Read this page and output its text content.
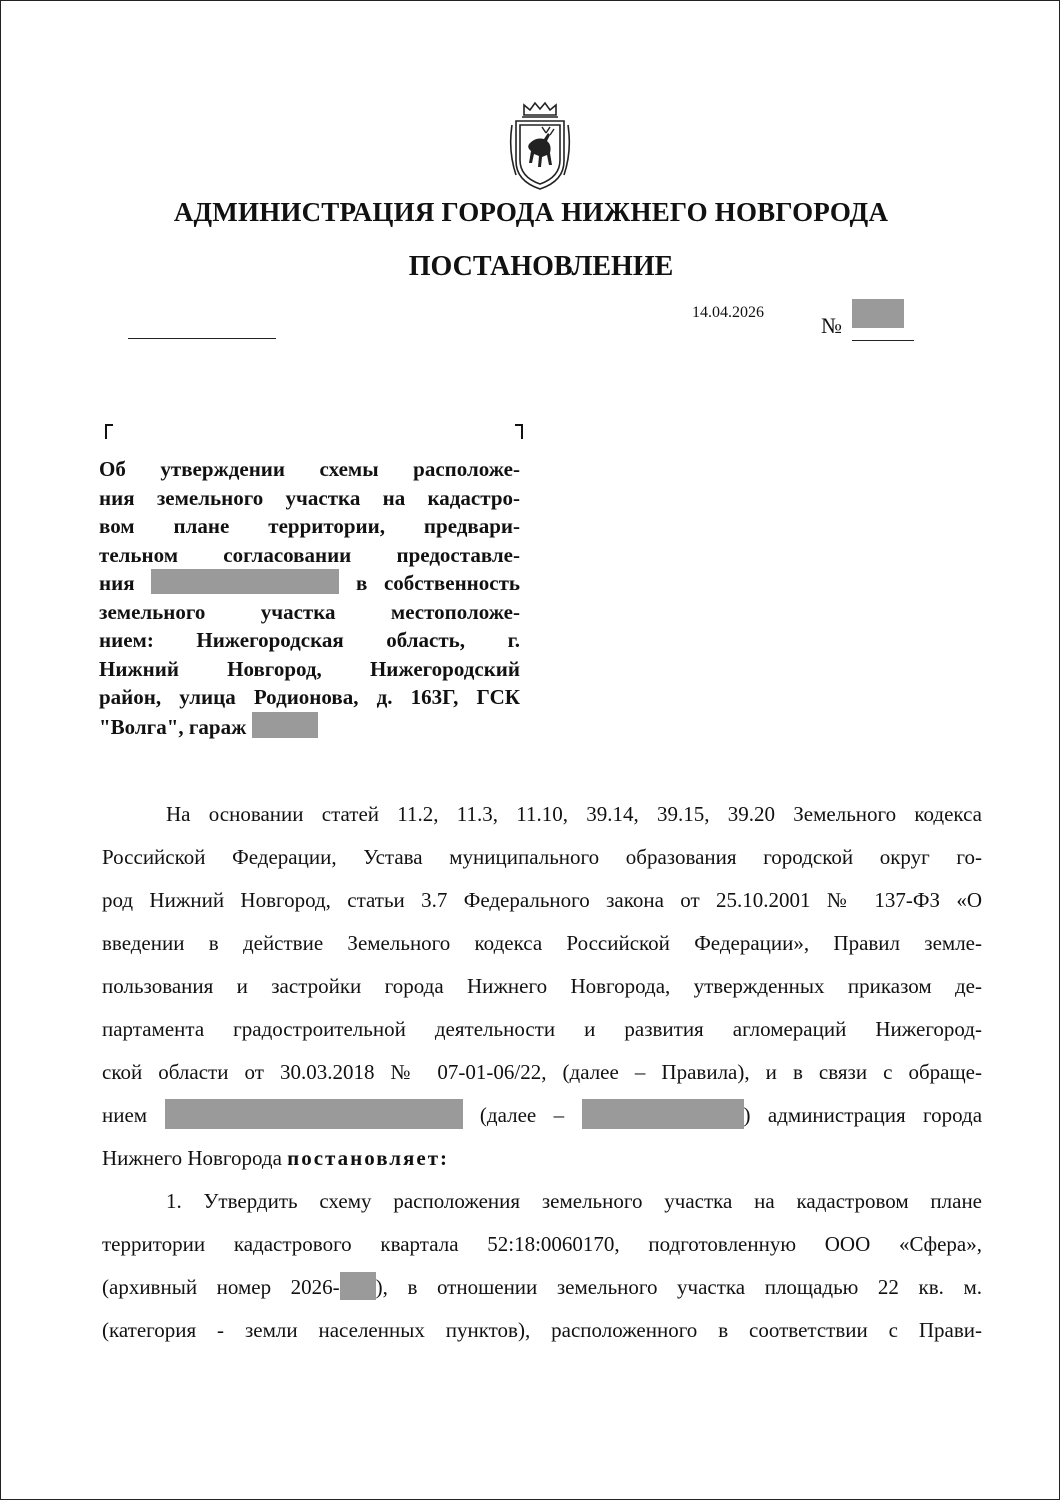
АДМИНИСТРАЦИЯ ГОРОДА НИЖНЕГО НОВГОРОДА
ПОСТАНОВЛЕНИЕ
14.04.2026
№
Об утверждении схемы расположе-
ния земельного участка на кадастро-
вом плане территории, предвари-
тельном согласовании предоставле-
ния	в собственность
земельного участка местоположе-
нием: Нижегородская область, г.
Нижний Новгород, Нижегородский
район, улица Родионова, д. 163Г, ГСК
"Волга", гараж
На основании статей 11.2, 11.3, 11.10, 39.14, 39.15, 39.20 Земельного кодекса
Российской Федерации, Устава муниципального образования городской округ го-
род Нижний Новгород, статьи 3.7 Федерального закона от 25.10.2001 № 137-ФЗ «О
введении в действие Земельного кодекса Российской Федерации», Правил земле-
пользования и застройки города Нижнего Новгорода, утвержденных приказом де-
партамента градостроительной деятельности и развития агломераций Нижегород-
ской области от 30.03.2018 № 07-01-06/22, (далее – Правила), и в связи с обраще-
нием	(далее –	) администрация города
Нижнего Новгорода постановляет:
1. Утвердить схему расположения земельного участка на кадастровом плане
территории кадастрового квартала 52:18:0060170, подготовленную ООО «Сфера»,
(архивный номер 2026- ), в отношении земельного участка площадью 22 кв. м.
(категория - земли населенных пунктов), расположенного в соответствии с Прави-
